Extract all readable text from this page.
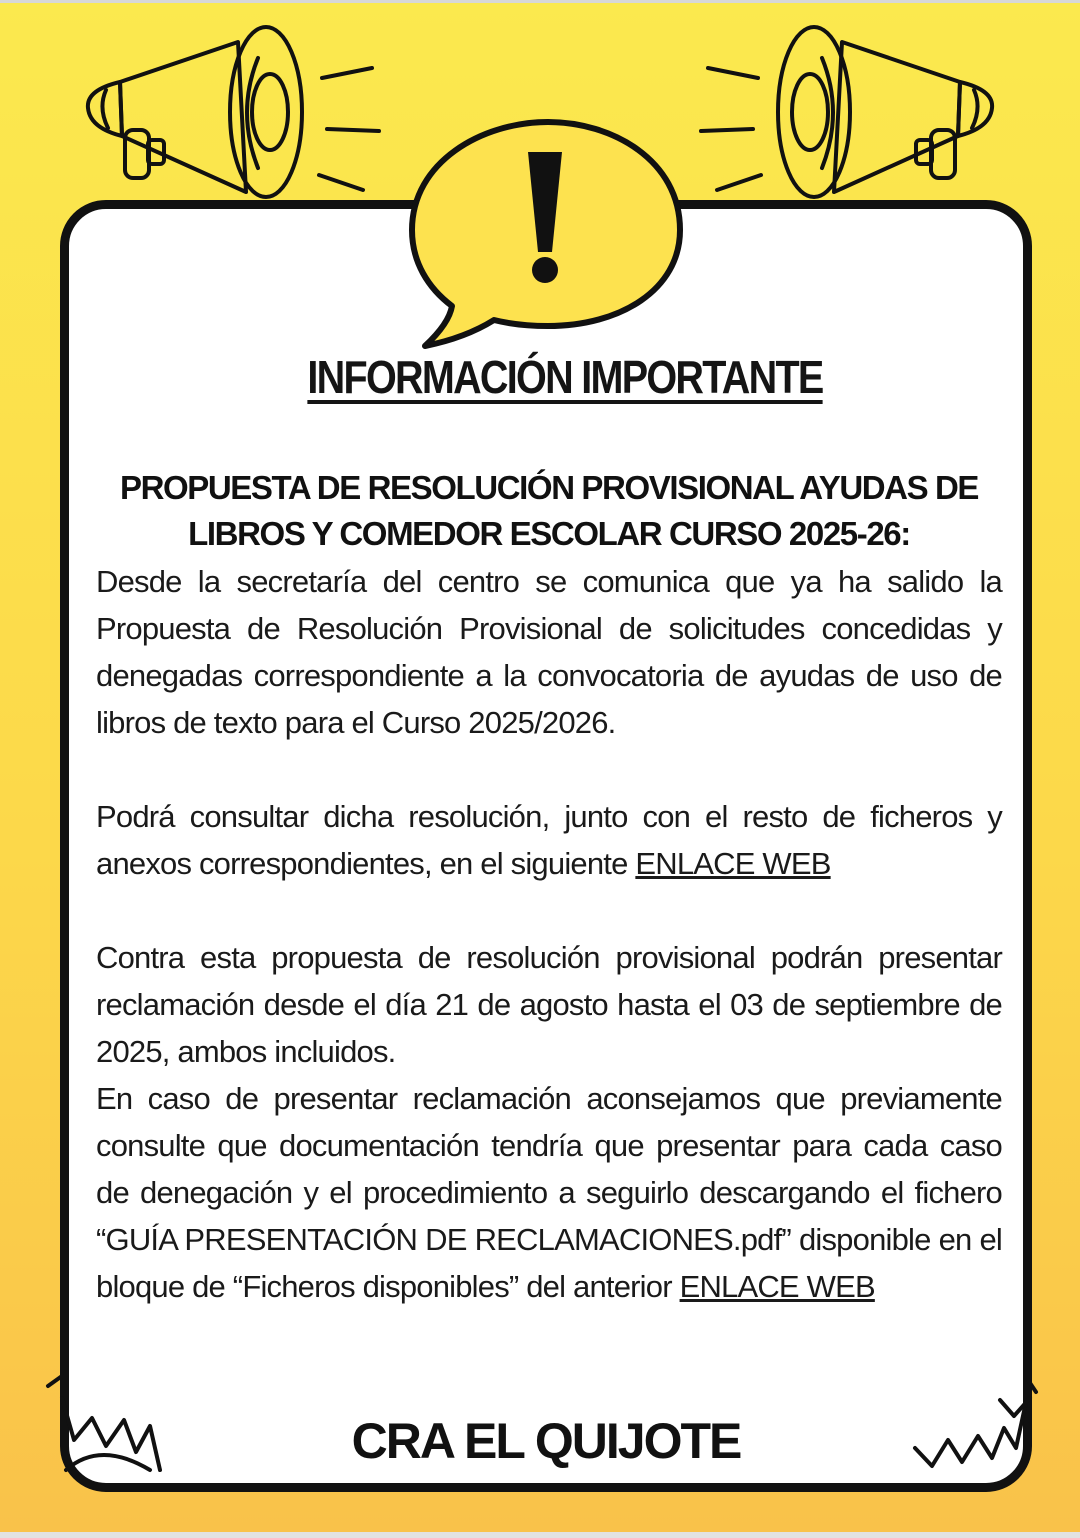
INFORMACIÓN IMPORTANTE
PROPUESTA DE RESOLUCIÓN PROVISIONAL AYUDAS DE
LIBROS Y COMEDOR ESCOLAR CURSO 2025-26:

Desde la secretaría del centro se comunica que ya ha salido la Propuesta de Resolución Provisional de solicitudes concedidas y denegadas correspondiente a la convocatoria de ayudas de uso de libros de texto para el Curso 2025/2026.

Podrá consultar dicha resolución, junto con el resto de ficheros y anexos correspondientes, en el siguiente ENLACE WEB

Contra esta propuesta de resolución provisional podrán presentar reclamación desde el día 21 de agosto hasta el 03 de septiembre de 2025, ambos incluidos.

En caso de presentar reclamación aconsejamos que previamente consulte que documentación tendría que presentar para cada caso de denegación y el procedimiento a seguirlo descargando el fichero “GUÍA PRESENTACIÓN DE RECLAMACIONES.pdf” disponible en el bloque de “Ficheros disponibles” del anterior ENLACE WEB

CRA EL QUIJOTE
